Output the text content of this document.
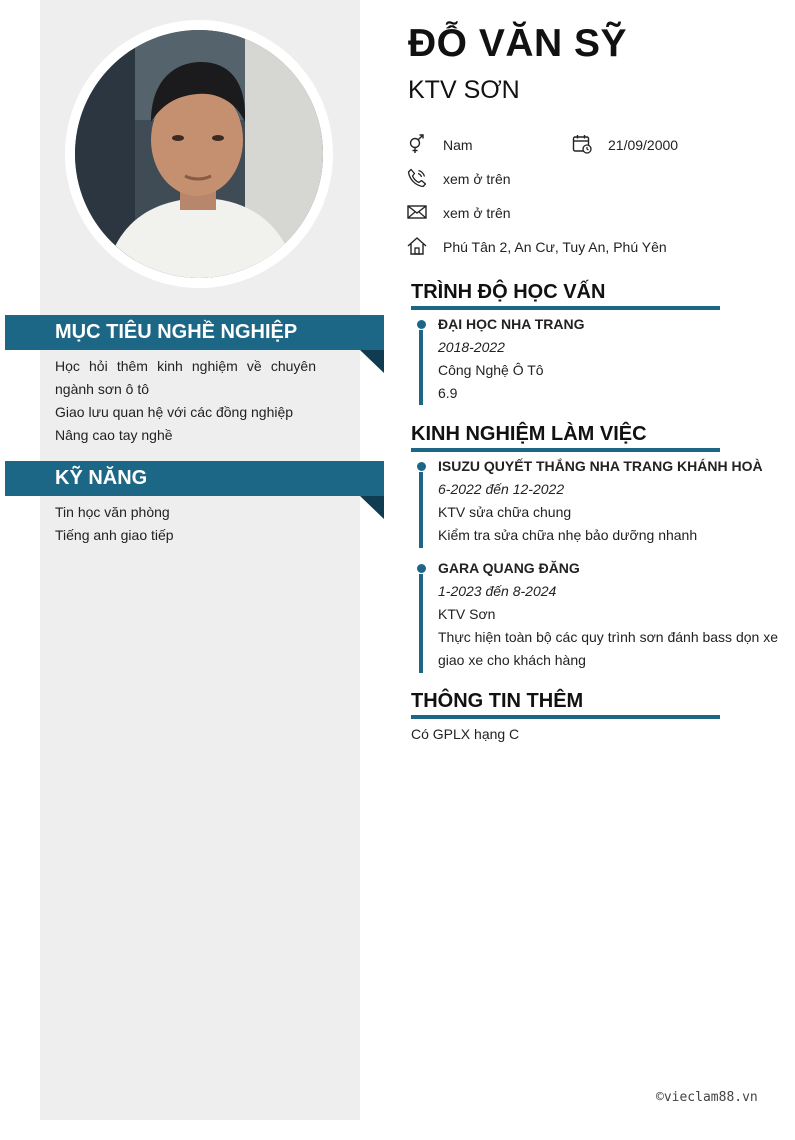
MỤC TIÊU NGHỀ NGHIỆP

Học hỏi thêm kinh nghiệm về chuyên

ngành sơn ô tô

Giao lưu quan hệ với các đồng nghiệp

Nâng cao tay nghề

KỸ NĂNG

Tin học văn phòng

Tiếng anh giao tiếp

ĐỖ VĂN SỸ
KTV SƠN
Nam	21/09/2000
xem ở trên
xem ở trên
Phú Tân 2, An Cư, Tuy An, Phú Yên
TRÌNH ĐỘ HỌC VẤN
ĐẠI HỌC NHA TRANG
2018-2022
Công Nghệ Ô Tô
6.9
KINH NGHIỆM LÀM VIỆC
ISUZU QUYẾT THẮNG NHA TRANG KHÁNH HOÀ
6-2022 đến 12-2022
KTV sửa chữa chung
Kiểm tra sửa chữa nhẹ bảo dưỡng nhanh
GARA QUANG ĐĂNG
1-2023 đến 8-2024
KTV Sơn
Thực hiện toàn bộ các quy trình sơn đánh bass dọn xe
giao xe cho khách hàng
THÔNG TIN THÊM
Có GPLX hạng C
©vieclam88.vn
